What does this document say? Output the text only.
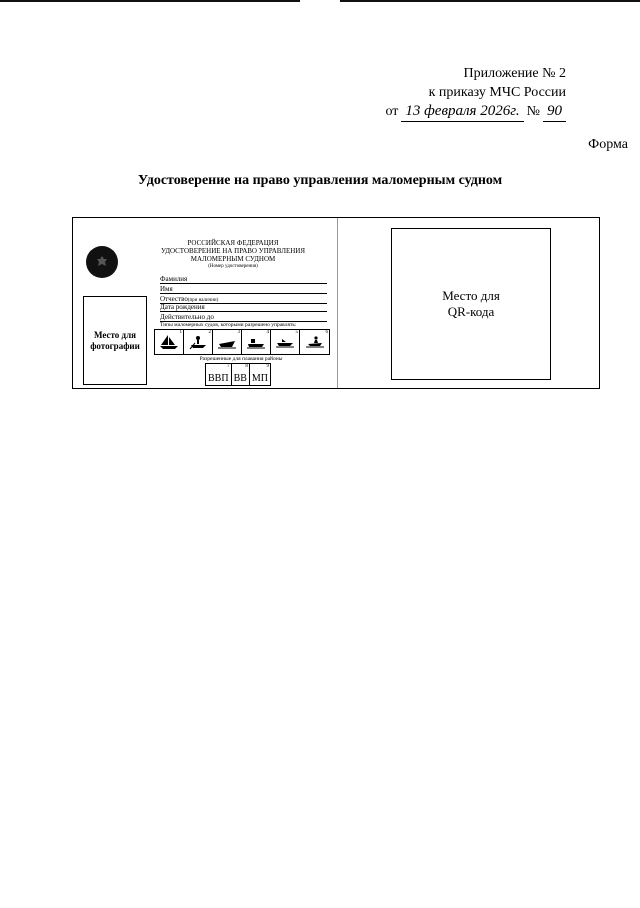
Приложение № 2
к приказу МЧС России
от 13 февраля 2026г. № 90
Форма
Удостоверение на право управления маломерным судном
РОССИЙСКАЯ ФЕДЕРАЦИЯ
УДОСТОВЕРЕНИЕ НА ПРАВО УПРАВЛЕНИЯ
МАЛОМЕРНЫМ СУДНОМ
(Номер удостоверения)
Фамилия
Имя
Отчество(при наличии)
Дата рождения
Действительно до
Место для фотографии
Типы маломерных судов, которыми разрешено управлять:
1	2	3	4	5	6
Разрешенные для плавания районы
7
ВВП
8
ВВ
9
МП
Место для QR-кода
